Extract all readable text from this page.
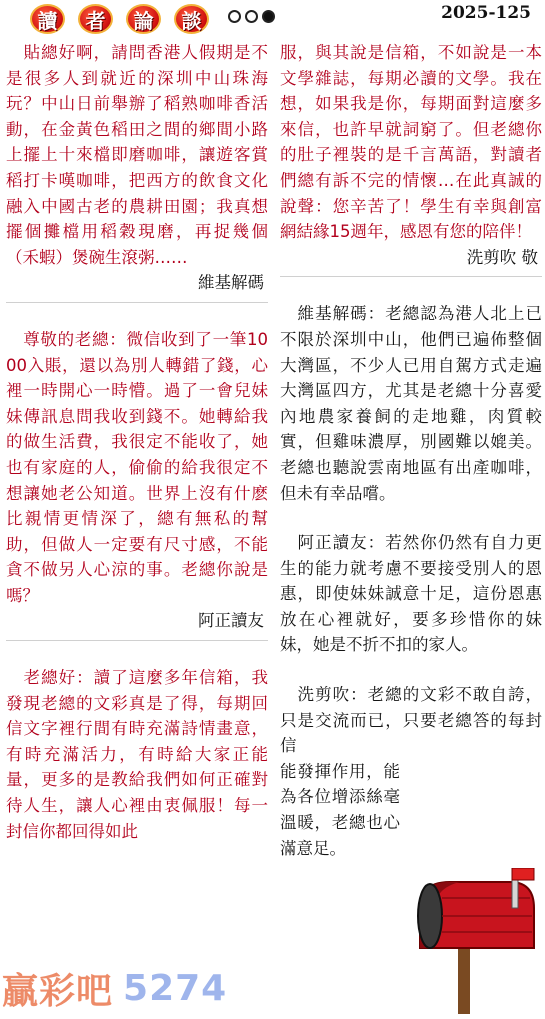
讀	者	論	談	2025-125

　貼總好啊，請問香港人假期是不是很多人到就近的深圳中山珠海玩？中山日前舉辦了稻熟咖啡香活動，在金黃色稻田之間的鄉間小路上擺上十來檔即磨咖啡，讓遊客賞稻打卡嘆咖啡，把西方的飲食文化融入中國古老的農耕田園；我真想擺個攤檔用稻穀現磨，再捉幾個（禾蝦）煲碗生滾粥……

維基解碼

　尊敬的老總：微信收到了一筆1000入賬，還以為別人轉錯了錢，心裡一時開心一時懵。過了一會兒妹妹傳訊息問我收到錢不。她轉給我的做生活費，我很定不能收了，她也有家庭的人，偷偷的給我很定不想讓她老公知道。世界上沒有什麽比親情更情深了，總有無私的幫助，但做人一定要有尺寸感，不能貪不做另人心涼的事。老總你說是嗎？

阿正讀友

　老總好：讀了這麼多年信箱，我發現老總的文彩真是了得，每期回信文字裡行間有時充滿詩情畫意，有時充滿活力，有時給大家正能量，更多的是教給我們如何正確對待人生，讓人心裡由衷佩服！每一封信你都回得如此

服，與其說是信箱，不如說是一本文學雜誌，每期必讀的文學。我在想，如果我是你，每期面對這麼多來信，也許早就詞窮了。但老總你的肚子裡裝的是千言萬語，對讀者們總有訴不完的情懷…在此真誠的說聲：您辛苦了！學生有幸與創富網結緣15週年，感恩有您的陪伴！

洗剪吹 敬

　維基解碼：老總認為港人北上已不限於深圳中山，他們已遍佈整個大灣區，不少人已用自駕方式走遍大灣區四方，尤其是老總十分喜愛內地農家養飼的走地雞，肉質較實，但雞味濃厚，別國難以媲美。老總也聽說雲南地區有出產咖啡，但未有幸品嚐。

　阿正讀友：若然你仍然有自力更生的能力就考慮不要接受別人的恩惠，即使妹妹誠意十足，這份恩惠放在心裡就好，要多珍惜你的妹妹，她是不折不扣的家人。

　洗剪吹：老總的文彩不敢自誇，只是交流而已，只要老總答的每封信

能發揮作用，能為各位增添絲毫溫暖，老總也心滿意足。

贏彩吧 5274
